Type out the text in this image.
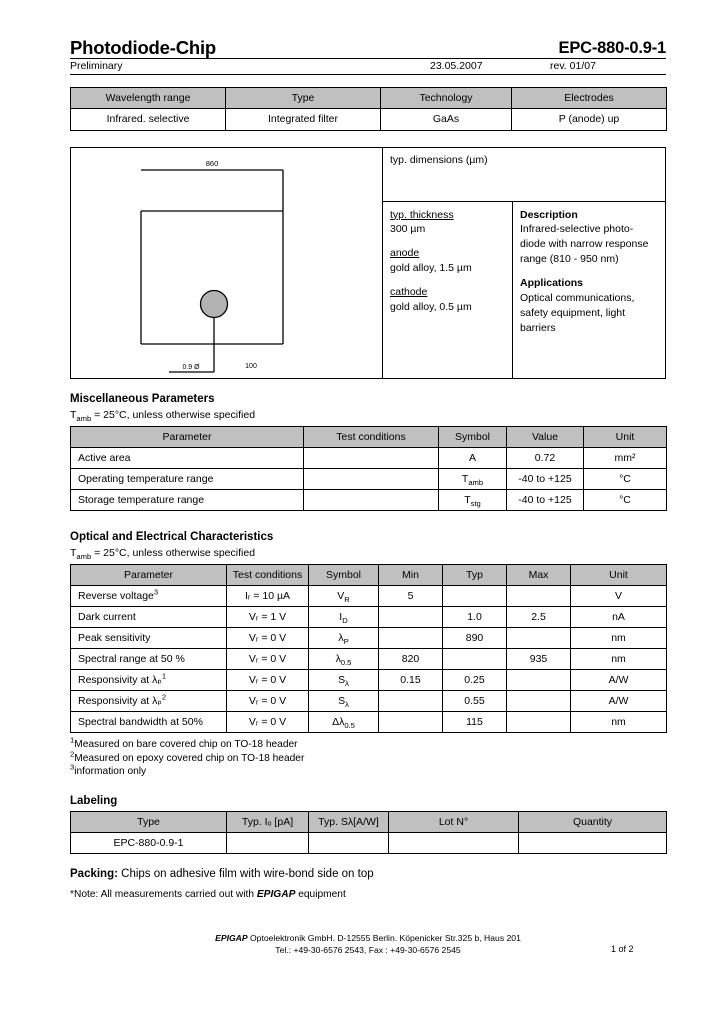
Photodiode-Chip	EPC-880-0.9-1
Preliminary	23.05.2007	rev. 01/07
Wavelength range	Type	Technology	Electrodes
Infrared. selective	Integrated filter	GaAs	P (anode) up
860
0.9 Ø	100
typ. dimensions (µm)
typ. thickness
300 µm
anode
gold alloy, 1.5 µm
cathode
gold alloy, 0.5 µm
Description
Infrared-selective photo-diode with narrow response range (810 - 950 nm)
Applications
Optical communications, safety equipment, light barriers
Miscellaneous Parameters
$T_{amb} = 25^\circ C$, unless otherwise specified
Parameter	Test conditions	Symbol	Value	Unit
Active area		A	0.72	mm²
Operating temperature range		$T_{amb}$	-40 to +125	°C
Storage temperature range		$T_{stg}$	-40 to +125	°C
Optical and Electrical Characteristics
$T_{amb} = 25^\circ C$, unless otherwise specified
Parameter	Test conditions	Symbol	Min	Typ	Max	Unit
Reverse voltage$^3$	Iᵣ = 10 µA	$V_R$	5			V
Dark current	Vᵣ = 1 V	$I_D$		1.0	2.5	nA
Peak sensitivity	Vᵣ = 0 V	$\lambda_P$		890		nm
Spectral range at 50 %	Vᵣ = 0 V	$\lambda_{0.5}$	820		935	nm
Responsivity at λₚ$^1$	Vᵣ = 0 V	$S_\lambda$	0.15	0.25		A/W
Responsivity at λₚ$^2$	Vᵣ = 0 V	$S_\lambda$		0.55		A/W
Spectral bandwidth at 50%	Vᵣ = 0 V	$\Delta\lambda_{0.5}$		115		nm
$^1$Measured on bare covered chip on TO-18 header
$^2$Measured on epoxy covered chip on TO-18 header
$^3$information only
Labeling
Type	Typ. Iₒ [pA]	Typ. Sλ[A/W]	Lot N°	Quantity
EPC-880-0.9-1				
Packing: Chips on adhesive film with wire-bond side on top
*Note: All measurements carried out with EPIGAP equipment
EPIGAP Optoelektronik GmbH. D-12555 Berlin. Köpenicker Str.325 b, Haus 201
Tel.: +49-30-6576 2543, Fax : +49-30-6576 2545	1 of 2
